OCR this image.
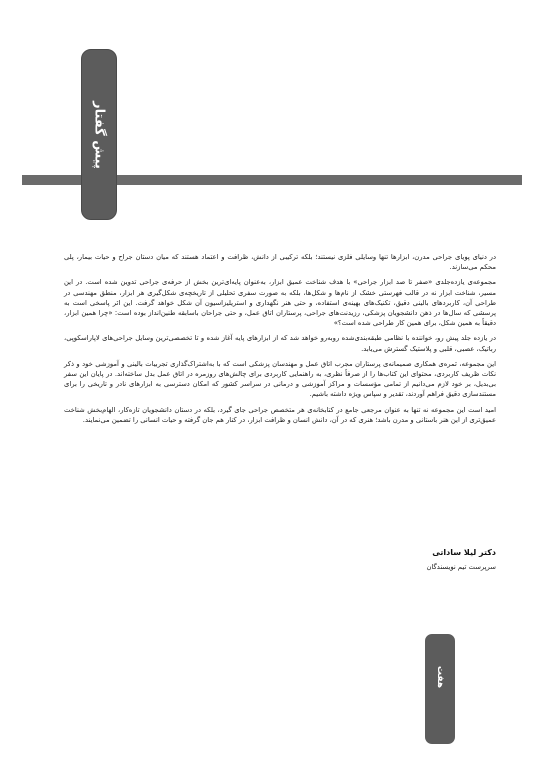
پیش گفتار

در دنیای پویای جراحی مدرن، ابزارها تنها وسایلی فلزی نیستند؛ بلکه ترکیبی از دانش، ظرافت و اعتماد هستند که میان دستان جراح و حیات بیمار، پلی محکم می‌سازند.

مجموعه‌ی یازده‌جلدی «صفر تا صد ابزار جراحی» با هدف شناخت عمیق ابزار، به‌عنوان پایه‌ای‌ترین بخش از حرفه‌ی جراحی تدوین شده است. در این مسیر، شناخت ابزار نه در قالب فهرستی خشک از نام‌ها و شکل‌ها، بلکه به صورت سفری تحلیلی از تاریخچه‌ی شکل‌گیری هر ابزار، منطق مهندسی در طراحی آن، کاربردهای بالینی دقیق، تکنیک‌های بهینه‌ی استفاده، و حتی هنر نگهداری و استریلیزاسیون آن شکل خواهد گرفت. این اثر پاسخی است به پرسشی که سال‌ها در ذهن دانشجویان پزشکی، رزیدنت‌های جراحی، پرستاران اتاق عمل، و حتی جراحان باسابقه طنین‌انداز بوده است: «چرا همین ابزار، دقیقاً به همین شکل، برای همین کار طراحی شده است؟»

در یازده جلد پیش رو، خواننده با نظامی طبقه‌بندی‌شده روبه‌رو خواهد شد که از ابزارهای پایه آغاز شده و تا تخصصی‌ترین وسایل جراحی‌های لاپاراسکوپی، رباتیک، عصبی، قلبی و پلاستیک گسترش می‌یابد.

این مجموعه، ثمره‌ی همکاری صمیمانه‌ی پرستاران مجرب اتاق عمل و مهندسان پزشکی است که با به‌اشتراک‌گذاری تجربیات بالینی و آموزشی خود و ذکر نکات ظریف کاربردی، محتوای این کتاب‌ها را از صرفاً نظری، به راهنمایی کاربردی برای چالش‌های روزمره در اتاق عمل بدل ساخته‌اند. در پایان این سفر بی‌بدیل، بر خود لازم می‌دانیم از تمامی مؤسسات و مراکز آموزشی و درمانی در سراسر کشور که امکان دسترسی به ابزارهای نادر و تاریخی را برای مستندسازی دقیق فراهم آوردند، تقدیر و سپاس ویژه داشته باشیم.

امید است این مجموعه نه تنها به عنوان مرجعی جامع در کتابخانه‌ی هر متخصص جراحی جای گیرد، بلکه در دستان دانشجویان تازه‌کار، الهام‌بخش شناخت عمیق‌تری از این هنر باستانی و مدرن باشد؛ هنری که در آن، دانش انسان و ظرافت ابزار، در کنار هم جان گرفته و حیات انسانی را تضمین می‌نمایند.

دکتر لیلا ساداتی
سرپرست تیم نویسندگان
هفت
